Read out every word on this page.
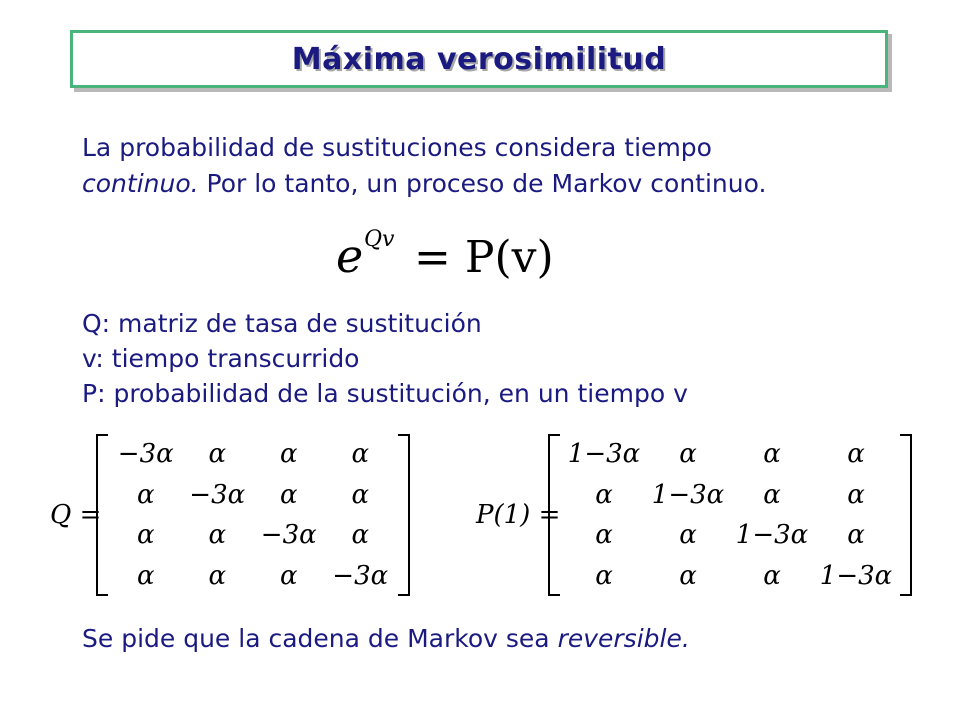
Máxima verosimilitud
La probabilidad de sustituciones considera tiempo
continuo. Por lo tanto, un proceso de Markov continuo.
e Qv = P(v)
Q: matriz de tasa de sustitución
v: tiempo transcurrido
P: probabilidad de la sustitución, en un tiempo v
Q =
−3α	α	α	α
α	−3α	α	α
α	α	−3α	α
α	α	α	−3α
P(1) =
1−3α	α	α	α
α	1−3α	α	α
α	α	1−3α	α
α	α	α	1−3α
Se pide que la cadena de Markov sea reversible.
